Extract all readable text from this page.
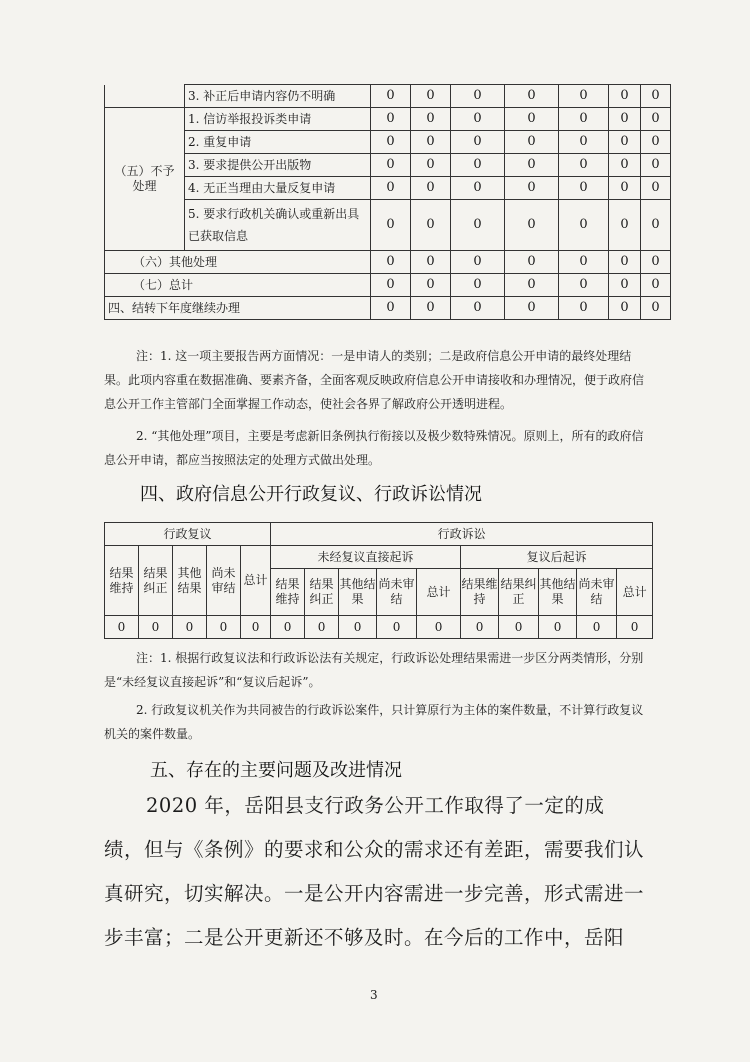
	3. 补正后申请内容仍不明确	0	0	0	0	0	0	0
（五）不予处理	1. 信访举报投诉类申请	0	0	0	0	0	0	0
	2. 重复申请	0	0	0	0	0	0	0
	3. 要求提供公开出版物	0	0	0	0	0	0	0
	4. 无正当理由大量反复申请	0	0	0	0	0	0	0
	5. 要求行政机关确认或重新出具已获取信息	0	0	0	0	0	0	0
（六）其他处理		0	0	0	0	0	0	0
（七）总计		0	0	0	0	0	0	0
四、结转下年度继续办理		0	0	0	0	0	0	0
注：1. 这一项主要报告两方面情况：一是申请人的类别；二是政府信息公开申请的最终处理结果。此项内容重在数据准确、要素齐备，全面客观反映政府信息公开申请接收和办理情况，便于政府信息公开工作主管部门全面掌握工作动态，使社会各界了解政府公开透明进程。
2. “其他处理”项目，主要是考虑新旧条例执行衔接以及极少数特殊情况。原则上，所有的政府信息公开申请，都应当按照法定的处理方式做出处理。
四、政府信息公开行政复议、行政诉讼情况
行政复议					行政诉讼									
结果维持	结果纠正	其他结果	尚未审结	总计	未经复议直接起诉					复议后起诉				
					结果维持	结果纠正	其他结果	尚未审结	总计	结果维持	结果纠正	其他结果	尚未审结	总计
0	0	0	0	0	0	0	0	0	0	0	0	0	0	0
注：1. 根据行政复议法和行政诉讼法有关规定，行政诉讼处理结果需进一步区分两类情形，分别是“未经复议直接起诉”和“复议后起诉”。
2. 行政复议机关作为共同被告的行政诉讼案件，只计算原行为主体的案件数量，不计算行政复议机关的案件数量。
五、存在的主要问题及改进情况
2020 年，岳阳县支行政务公开工作取得了一定的成绩，但与《条例》的要求和公众的需求还有差距，需要我们认真研究，切实解决。一是公开内容需进一步完善，形式需进一步丰富；二是公开更新还不够及时。在今后的工作中，岳阳
3
